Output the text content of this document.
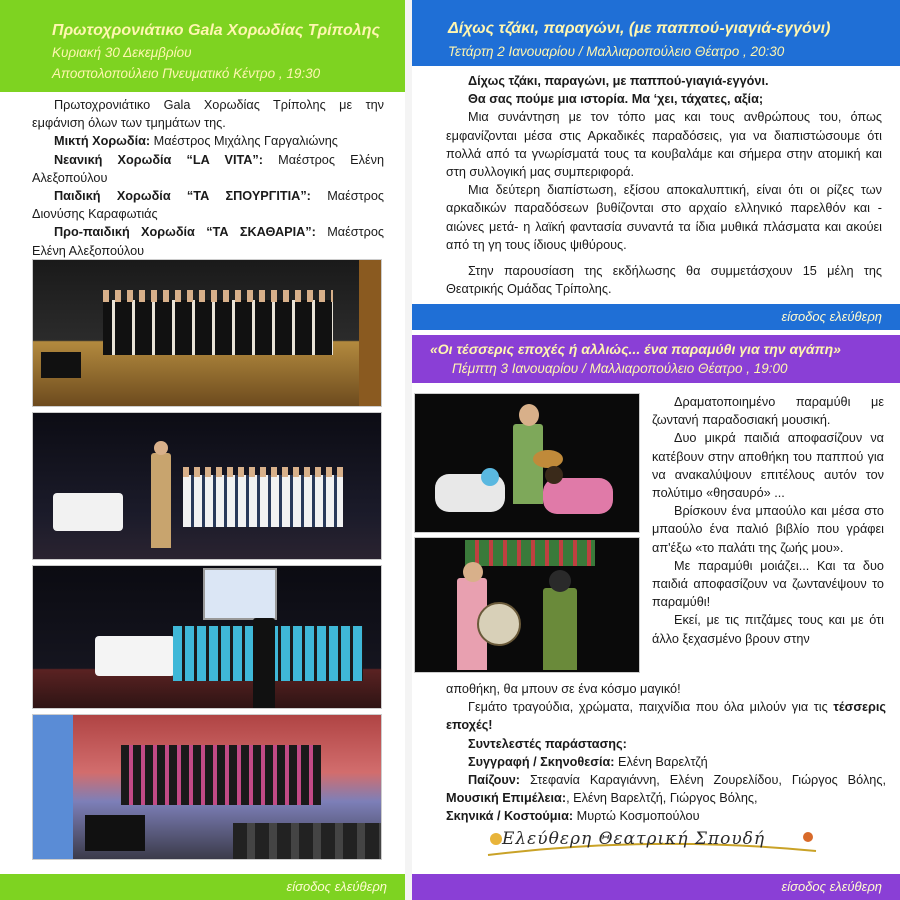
Πρωτοχρονιάτικο Gala Χορωδίας Τρίπολης
Κυριακή 30 Δεκεμβρίου
Αποστολοπούλειο Πνευματικό Κέντρο , 19:30

Πρωτοχρονιάτικο Gala Χορωδίας Τρίπολης με την εμφάνιση όλων των τμημάτων της.

Μικτή Χορωδία: Μαέστρος Μιχάλης Γαργαλιώνης

Νεανική Χορωδία “LA VITA”: Μαέστρος Ελένη Αλεξοπούλου

Παιδική Χορωδία “ΤΑ ΣΠΟΥΡΓΙΤΙΑ”: Μαέστρος Διονύσης Καραφωτιάς

Προ-παιδική Χορωδία “ΤΑ ΣΚΑΘΑΡΙΑ”: Μαέστρος Ελένη Αλεξοπούλου

είσοδος ελεύθερη
Δίχως τζάκι, παραγώνι, (με παππού-γιαγιά-εγγόνι)
Τετάρτη 2 Ιανουαρίου / Μαλλιαροπούλειο Θέατρο , 20:30

Δίχως τζάκι, παραγώνι, με παππού-γιαγιά-εγγόνι.

Θα σας πούμε μια ιστορία. Μα ‘χει, τάχατες, αξία;

Μια συνάντηση με τον τόπο μας και τους ανθρώπους του, όπως εμφανίζονται μέσα στις Αρκαδικές παραδόσεις, για να διαπιστώσουμε ότι πολλά από τα γνωρίσματά τους τα κουβαλάμε και σήμερα στην ατομική και στη συλλογική μας συμπεριφορά.

Μια δεύτερη διαπίστωση, εξίσου αποκαλυπτική, είναι ότι οι ρίζες των αρκαδικών παραδόσεων βυθίζονται στο αρχαίο ελληνικό παρελθόν και - αιώνες μετά- η λαϊκή φαντασία συναντά τα ίδια μυθικά πλάσματα και ακούει από τη γη τους ίδιους ψιθύρους.

Στην παρουσίαση της εκδήλωσης θα συμμετάσχουν 15 μέλη της Θεατρικής Ομάδας Τρίπολης.

είσοδος ελεύθερη
«Οι τέσσερις εποχές ή αλλιώς... ένα παραμύθι για την αγάπη»
Πέμπτη 3 Ιανουαρίου / Μαλλιαροπούλειο Θέατρο , 19:00

Δραματοποιημένο παραμύθι με ζωντανή παραδοσιακή μουσική.

Δυο μικρά παιδιά αποφασίζουν να κατέβουν στην αποθήκη του παππού για να ανακαλύψουν επιτέλους αυτόν τον πολύτιμο «θησαυρό» ...

Βρίσκουν ένα μπαούλο και μέσα στο μπαούλο ένα παλιό βιβλίο που γράφει απ'έξω «το παλάτι της ζωής μου».

Με παραμύθι μοιάζει... Και τα δυο παιδιά αποφασίζουν να ζωντανέψουν το παραμύθι!

Εκεί, με τις πιτζάμες τους και με ότι άλλο ξεχασμένο βρουν στην

αποθήκη, θα μπουν σε ένα κόσμο μαγικό!

Γεμάτο τραγούδια, χρώματα, παιχνίδια που όλα μιλούν για τις τέσσερις εποχές!

Συντελεστές παράστασης:

Συγγραφή / Σκηνοθεσία: Ελένη Βαρελτζή

Παίζουν: Στεφανία Καραγιάννη, Ελένη Ζουρελίδου, Γιώργος Βόλης, Μουσική Επιμέλεια:, Ελένη Βαρελτζή, Γιώργος Βόλης,

Σκηνικά / Κοστούμια: Μυρτώ Κοσμοπούλου

Ελεύθερη Θεατρική Σπουδή
είσοδος ελεύθερη
